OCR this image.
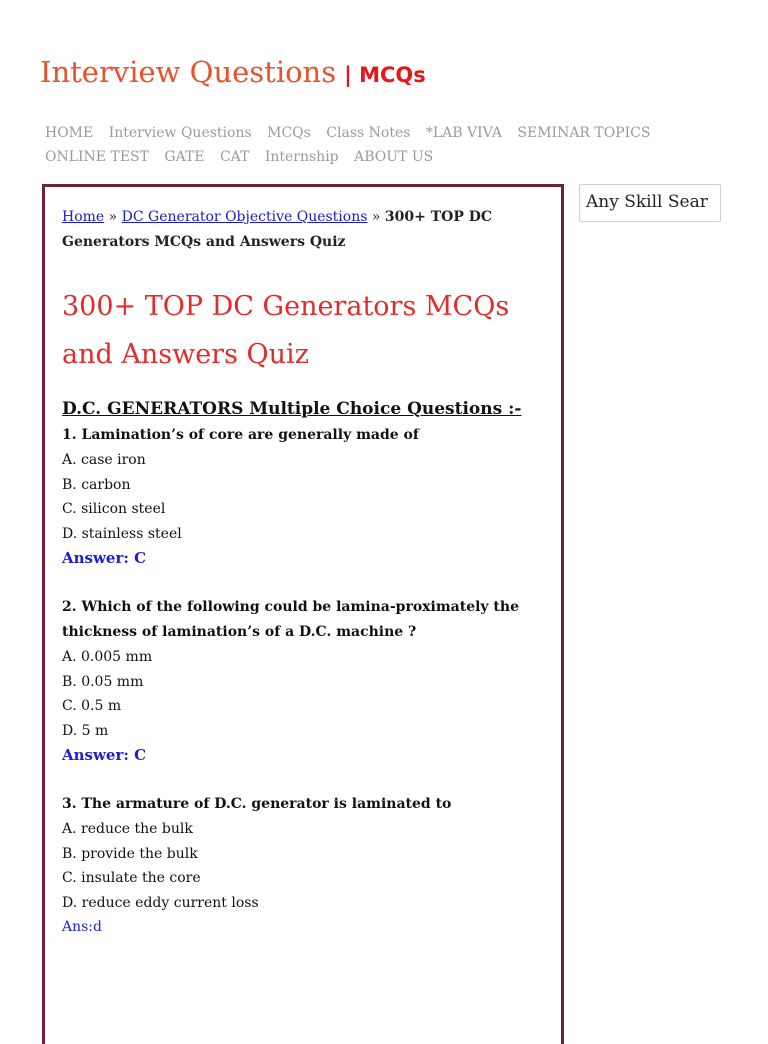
Interview Questions | MCQs
HOME Interview Questions MCQs Class Notes *LAB VIVA SEMINAR TOPICS ONLINE TEST GATE CAT Internship ABOUT US
Home » DC Generator Objective Questions » 300+ TOP DC Generators MCQs and Answers Quiz
300+ TOP DC Generators MCQs and Answers Quiz
D.C. GENERATORS Multiple Choice Questions :-

1. Lamination’s of core are generally made of

A. case iron
B. carbon
C. silicon steel
D. stainless steel
Answer: C

2. Which of the following could be lamina-proximately the thickness of lamination’s of a D.C. machine ?

A. 0.005 mm
B. 0.05 mm
C. 0.5 m
D. 5 m
Answer: C

3. The armature of D.C. generator is laminated to

A. reduce the bulk
B. provide the bulk
C. insulate the core
D. reduce eddy current loss
Ans:d
Any Skill Sear
